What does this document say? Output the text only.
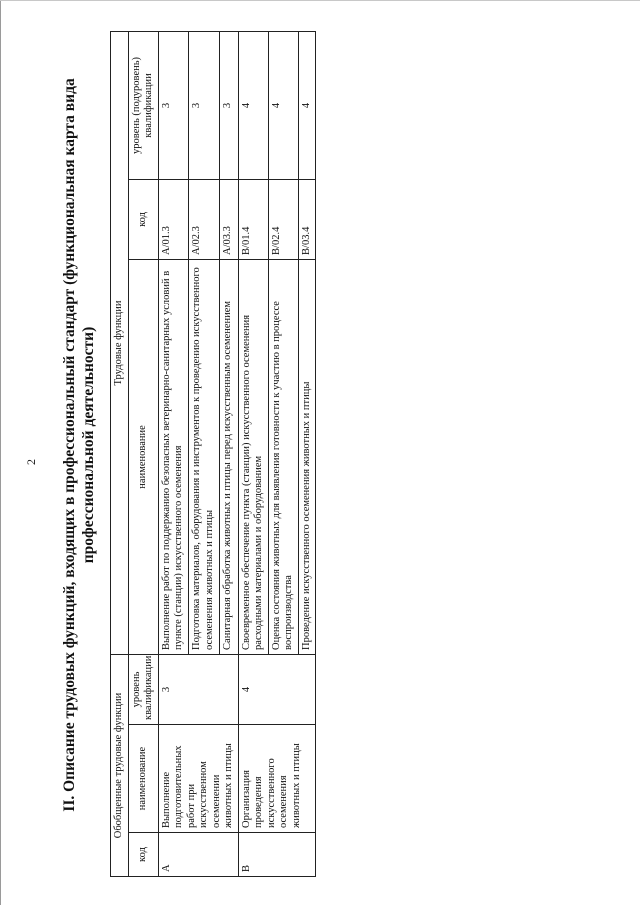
2 II. Описание трудовых функций, входящих в профессиональный стандарт (функциональная карта вида профессиональной деятельности)
Обобщенные трудовые функции			Трудовые функции		
код	наименование	уровень квалификации	наименование	код	уровень (подуровень) квалификации
A	Выполнение подготовительных работ при искусственном осеменении животных и птицы	3	Выполнение работ по поддержанию безопасных ветеринарно-санитарных условий в пункте (станции) искусственного осеменения	A/01.3	3
			Подготовка материалов, оборудования и инструментов к проведению искусственного осеменения животных и птицы	A/02.3	3
			Санитарная обработка животных и птицы перед искусственным осеменением	A/03.3	3
B	Организация проведения искусственного осеменения животных и птицы	4	Своевременное обеспечение пункта (станции) искусственного осеменения расходными материалами и оборудованием	B/01.4	4
			Оценка состояния животных для выявления готовности к участию в процессе воспроизводства	B/02.4	4
			Проведение искусственного осеменения животных и птицы	B/03.4	4
